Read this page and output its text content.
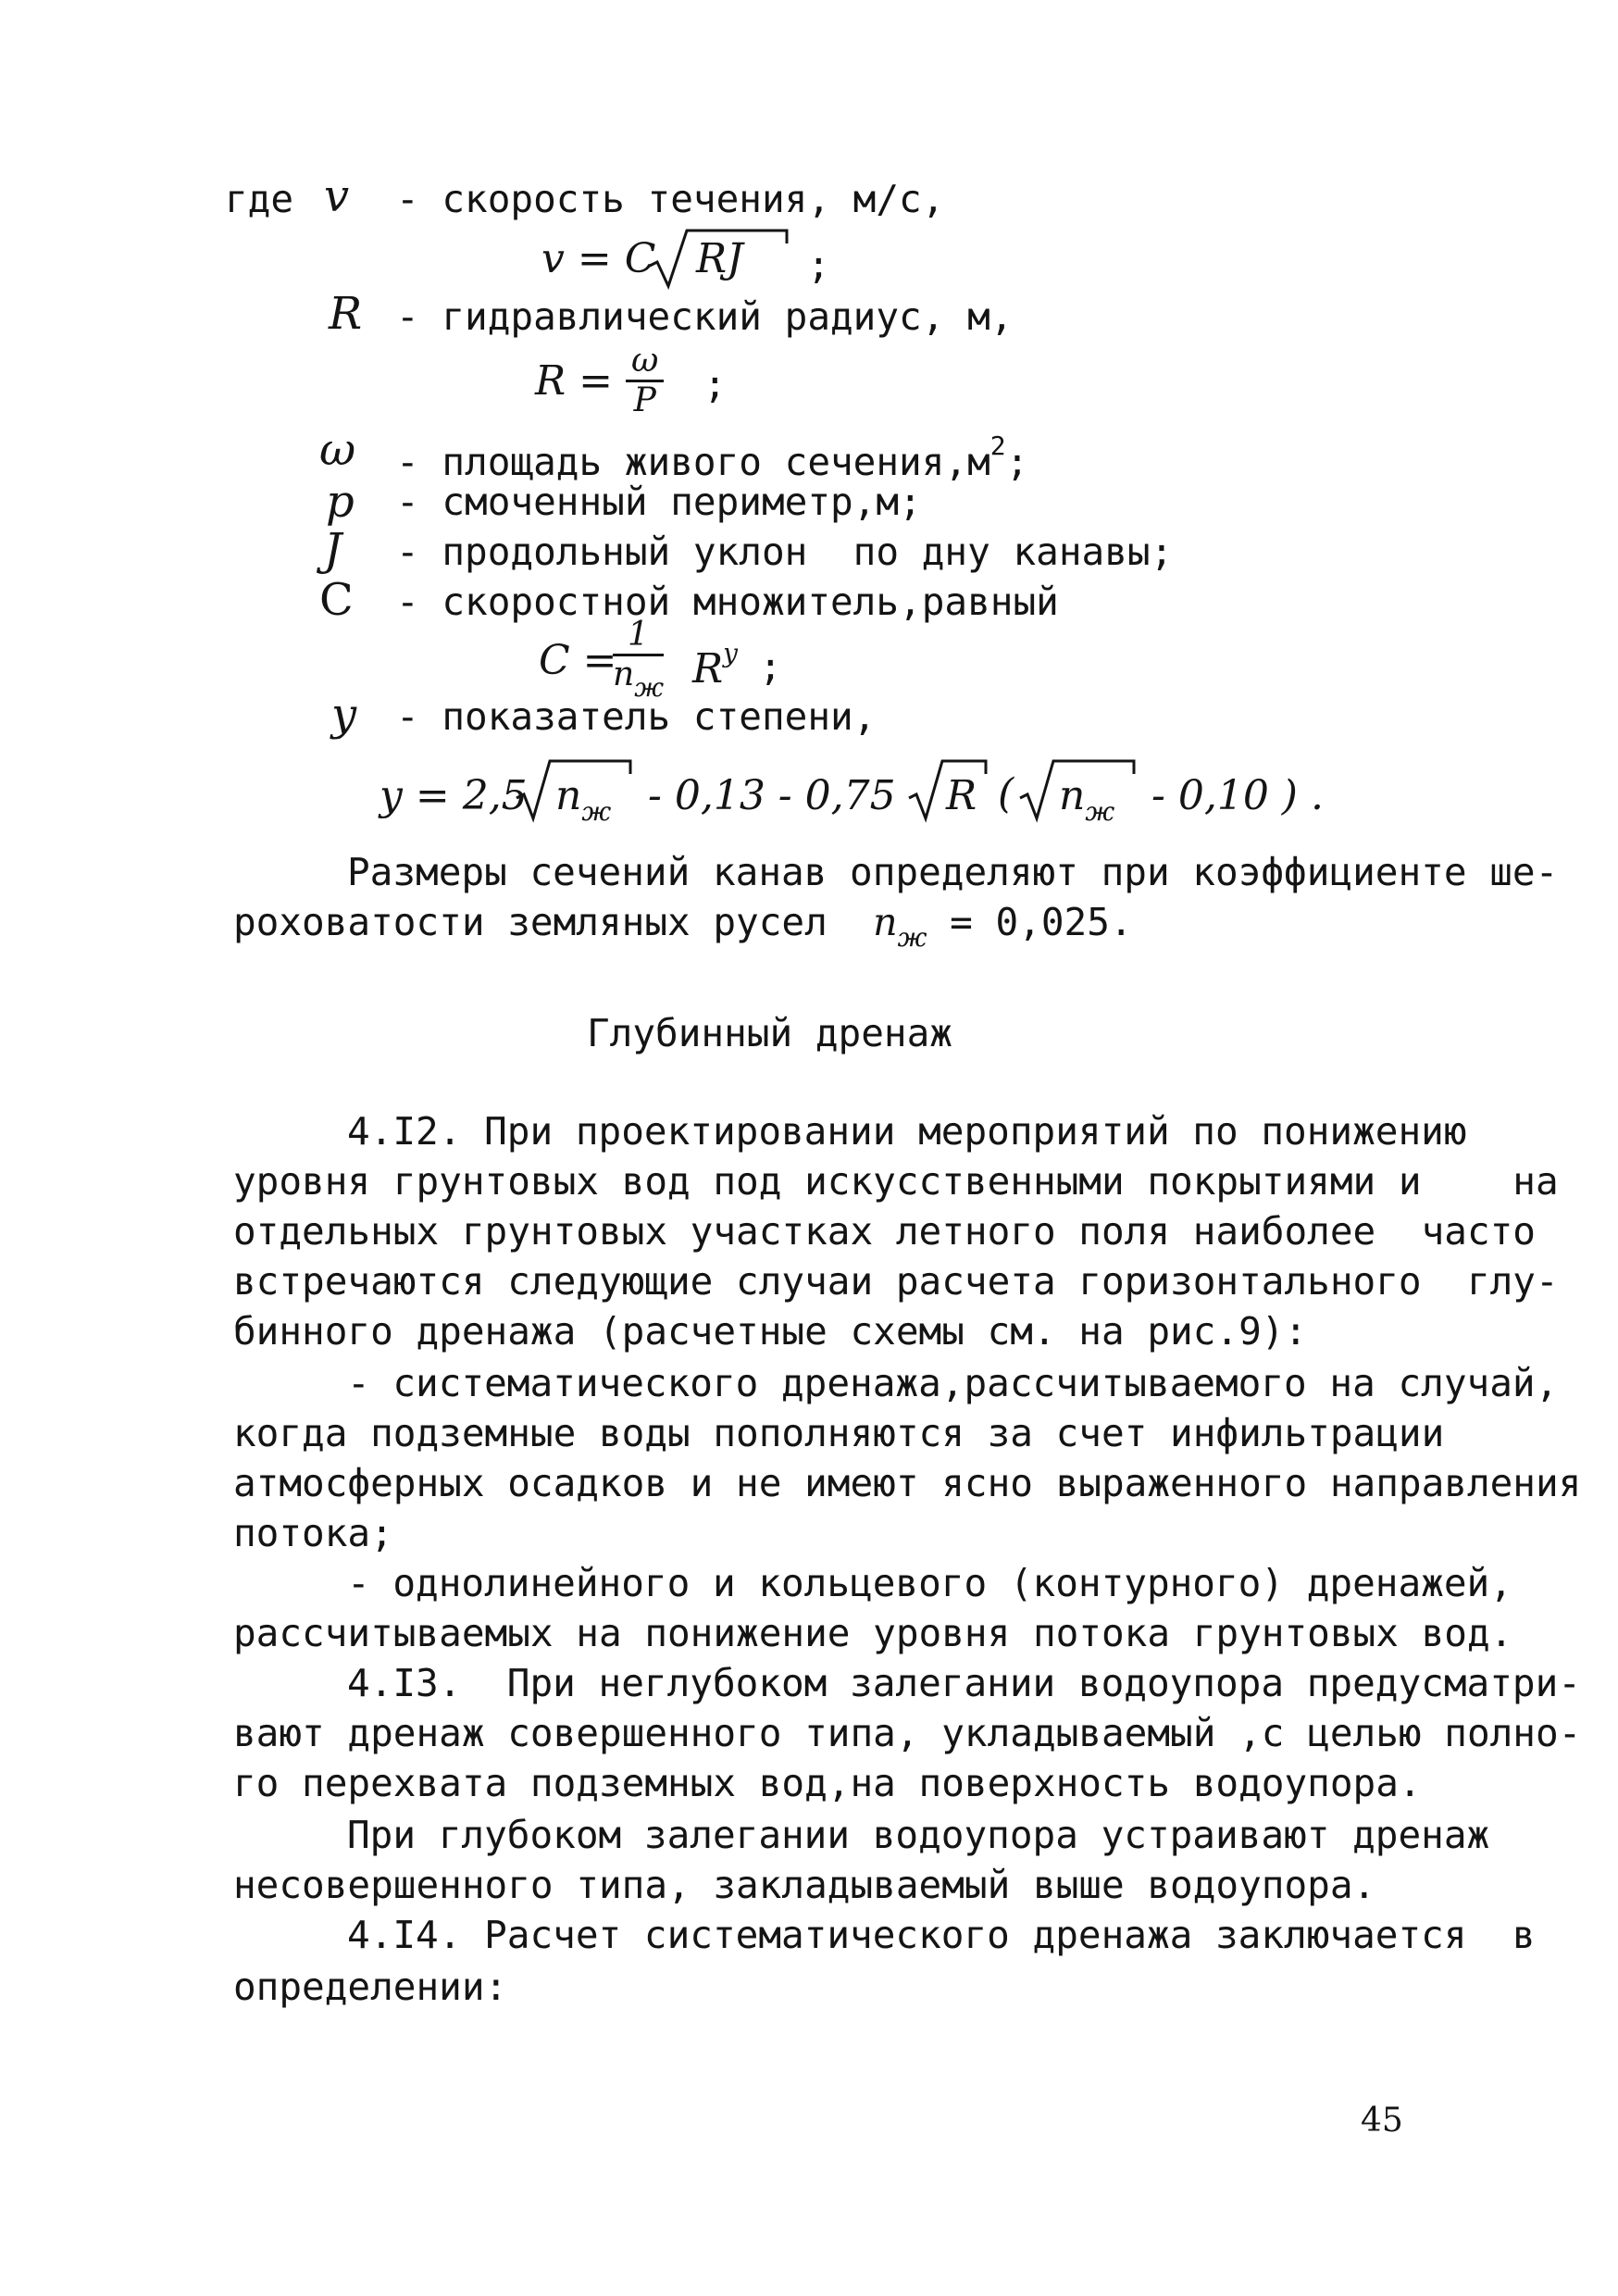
где v - скорость течения, м/с,
v = C RJ ;
R - гидравлический радиус, м,
$R = \frac{\omega}{P}$ ;
ω - площадь живого $сечения,м^2$;
p - смоченный периметр,м;
J - продольный уклон  по дну канавы;
C - скоростной множитель,равный
C =
1
$n_ж$ $R^y$ ;
y - показатель степени,
y = 2,5 $n_ж - 0,13 - 0,75$ R ( $n_ж - 0,10$ ) .
Размеры сечений канав определяют при коэффициенте ше-
роховатости земляных русел $n_ж = 0,025$.
Глубинный дренаж
4.I2. При проектировании мероприятий по понижению
уровня грунтовых вод под искусственными покрытиями и    на
отдельных грунтовых участках летного поля наиболее  часто
встречаются следующие случаи расчета горизонтального  глу-
бинного дренажа (расчетные схемы см. на рис.9):
- систематического дренажа,рассчитываемого на случай,
когда подземные воды пополняются за счет инфильтрации
атмосферных осадков и не имеют ясно выраженного направления
потока;
- однолинейного и кольцевого (контурного) дренажей,
рассчитываемых на понижение уровня потока грунтовых вод.
4.I3.  При неглубоком залегании водоупора предусматри-
вают дренаж совершенного типа, укладываемый ,с целью полно-
го перехвата подземных вод,на поверхность водоупора.
При глубоком залегании водоупора устраивают дренаж
несовершенного типа, закладываемый выше водоупора.
4.I4. Расчет систематического дренажа заключается  в
определении:
45
